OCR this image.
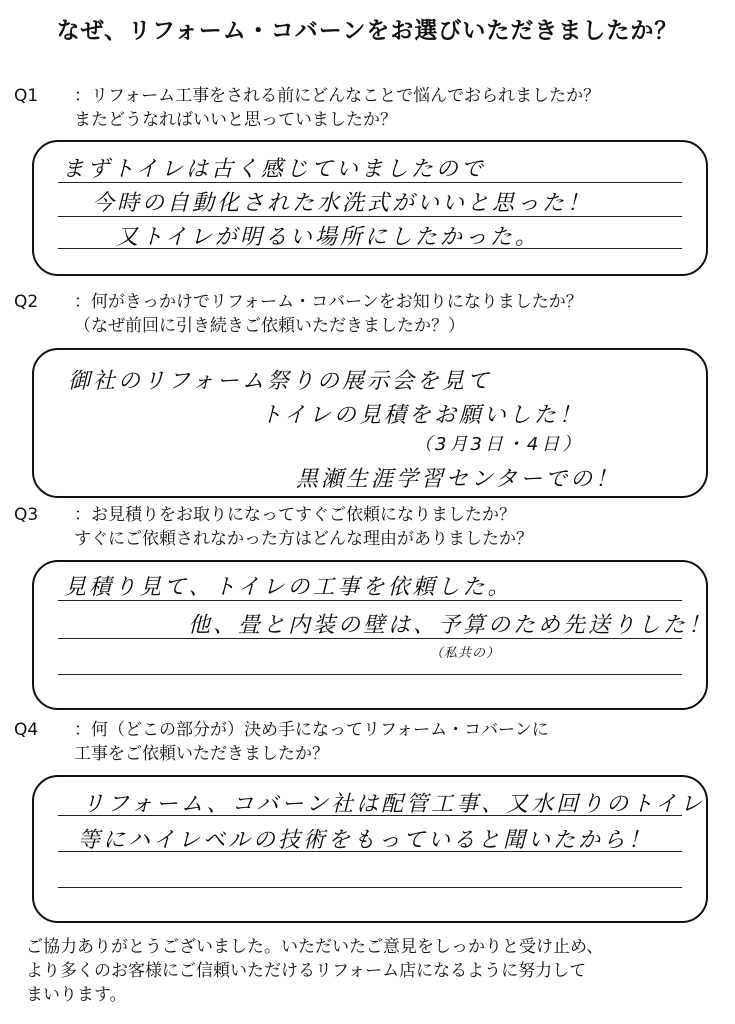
なぜ、リフォーム・コバーンをお選びいただきましたか？
Q1	：リフォーム工事をされる前にどんなことで悩んでおられましたか？
またどうなればいいと思っていましたか？
まずトイレは古く感じていましたので
今時の自動化された水洗式がいいと思った！
又トイレが明るい場所にしたかった。
Q2	：何がきっかけでリフォーム・コバーンをお知りになりましたか？
（なぜ前回に引き続きご依頼いただきましたか？）
御社のリフォーム祭りの展示会を見て
トイレの見積をお願いした！
（3月3日・4日）
黒瀬生涯学習センターでの！
Q3	：お見積りをお取りになってすぐご依頼になりましたか？
すぐにご依頼されなかった方はどんな理由がありましたか？
見積り見て、トイレの工事を依頼した。
他、畳と内装の壁は、予算のため先送りした！
（私共の）
Q4	：何（どこの部分が）決め手になってリフォーム・コバーンに
工事をご依頼いただきましたか？
リフォーム、コバーン社は配管工事、又水回りのトイレ
等にハイレベルの技術をもっていると聞いたから！
ご協力ありがとうございました。いただいたご意見をしっかりと受け止め、
より多くのお客様にご信頼いただけるリフォーム店になるように努力して
まいります。
